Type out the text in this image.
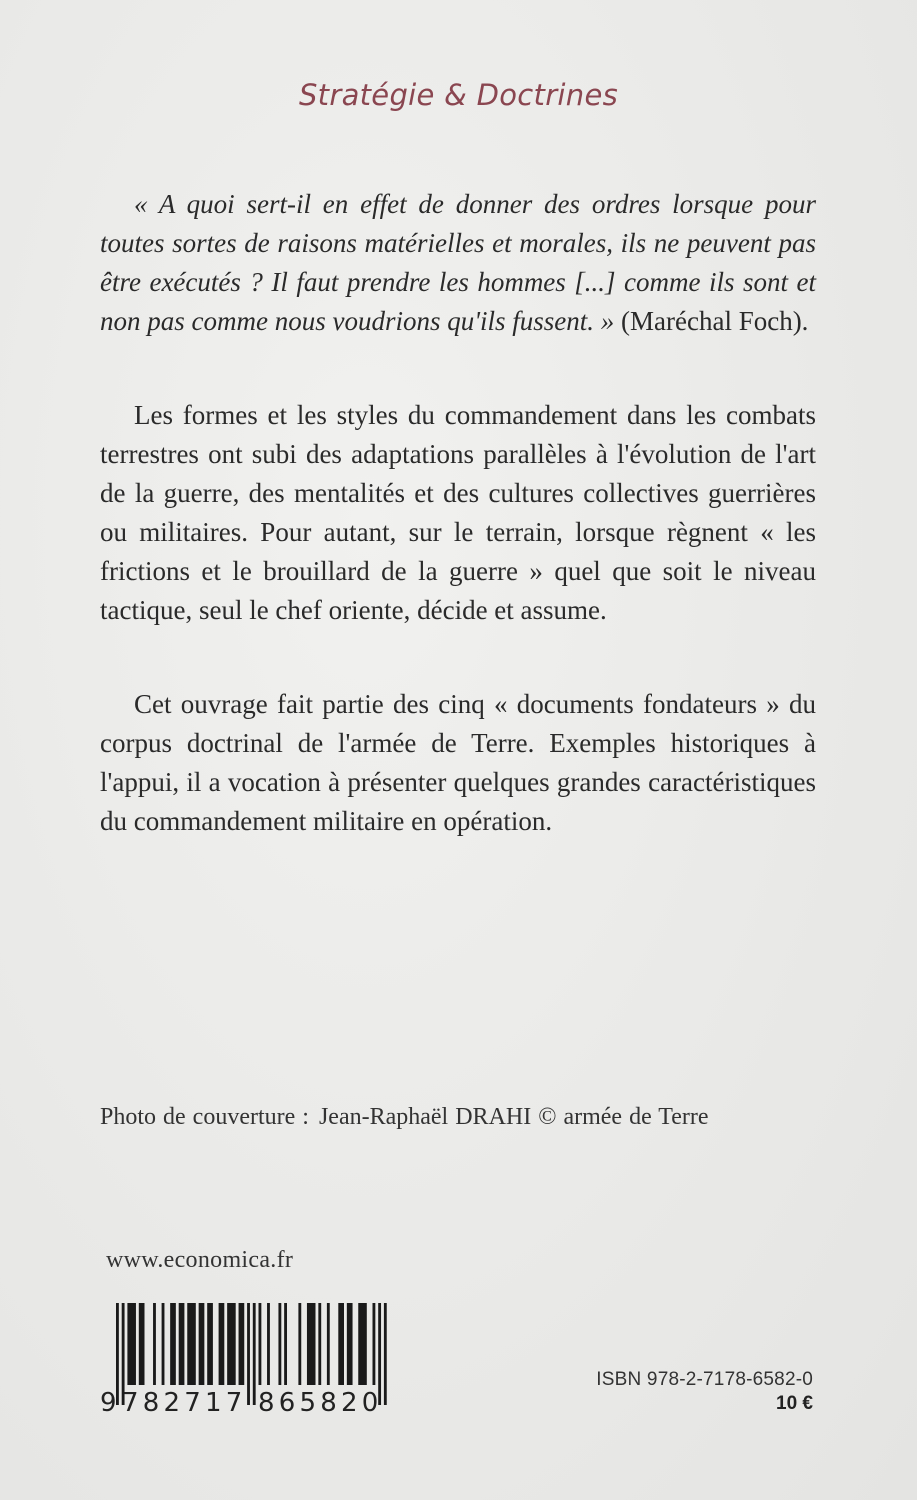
Stratégie & Doctrines

« A quoi sert-il en effet de donner des ordres lorsque pour toutes sortes de raisons matérielles et morales, ils ne peuvent pas être exécutés ? Il faut prendre les hommes [...] comme ils sont et non pas comme nous voudrions qu'ils fussent. » (Maréchal Foch).

Les formes et les styles du commandement dans les combats terrestres ont subi des adaptations parallèles à l'évolution de l'art de la guerre, des mentalités et des cultures collectives guerrières ou militaires. Pour autant, sur le terrain, lorsque règnent « les frictions et le brouillard de la guerre » quel que soit le niveau tactique, seul le chef oriente, décide et assume.

Cet ouvrage fait partie des cinq « documents fondateurs » du corpus doctrinal de l'armée de Terre. Exemples historiques à l'appui, il a vocation à présenter quelques grandes caractéristiques du commandement militaire en opération.

Photo de couverture : Jean-Raphaël DRAHI © armée de Terre
www.economica.fr
9 782717 865820
ISBN 978-2-7178-6582-0
10 €
